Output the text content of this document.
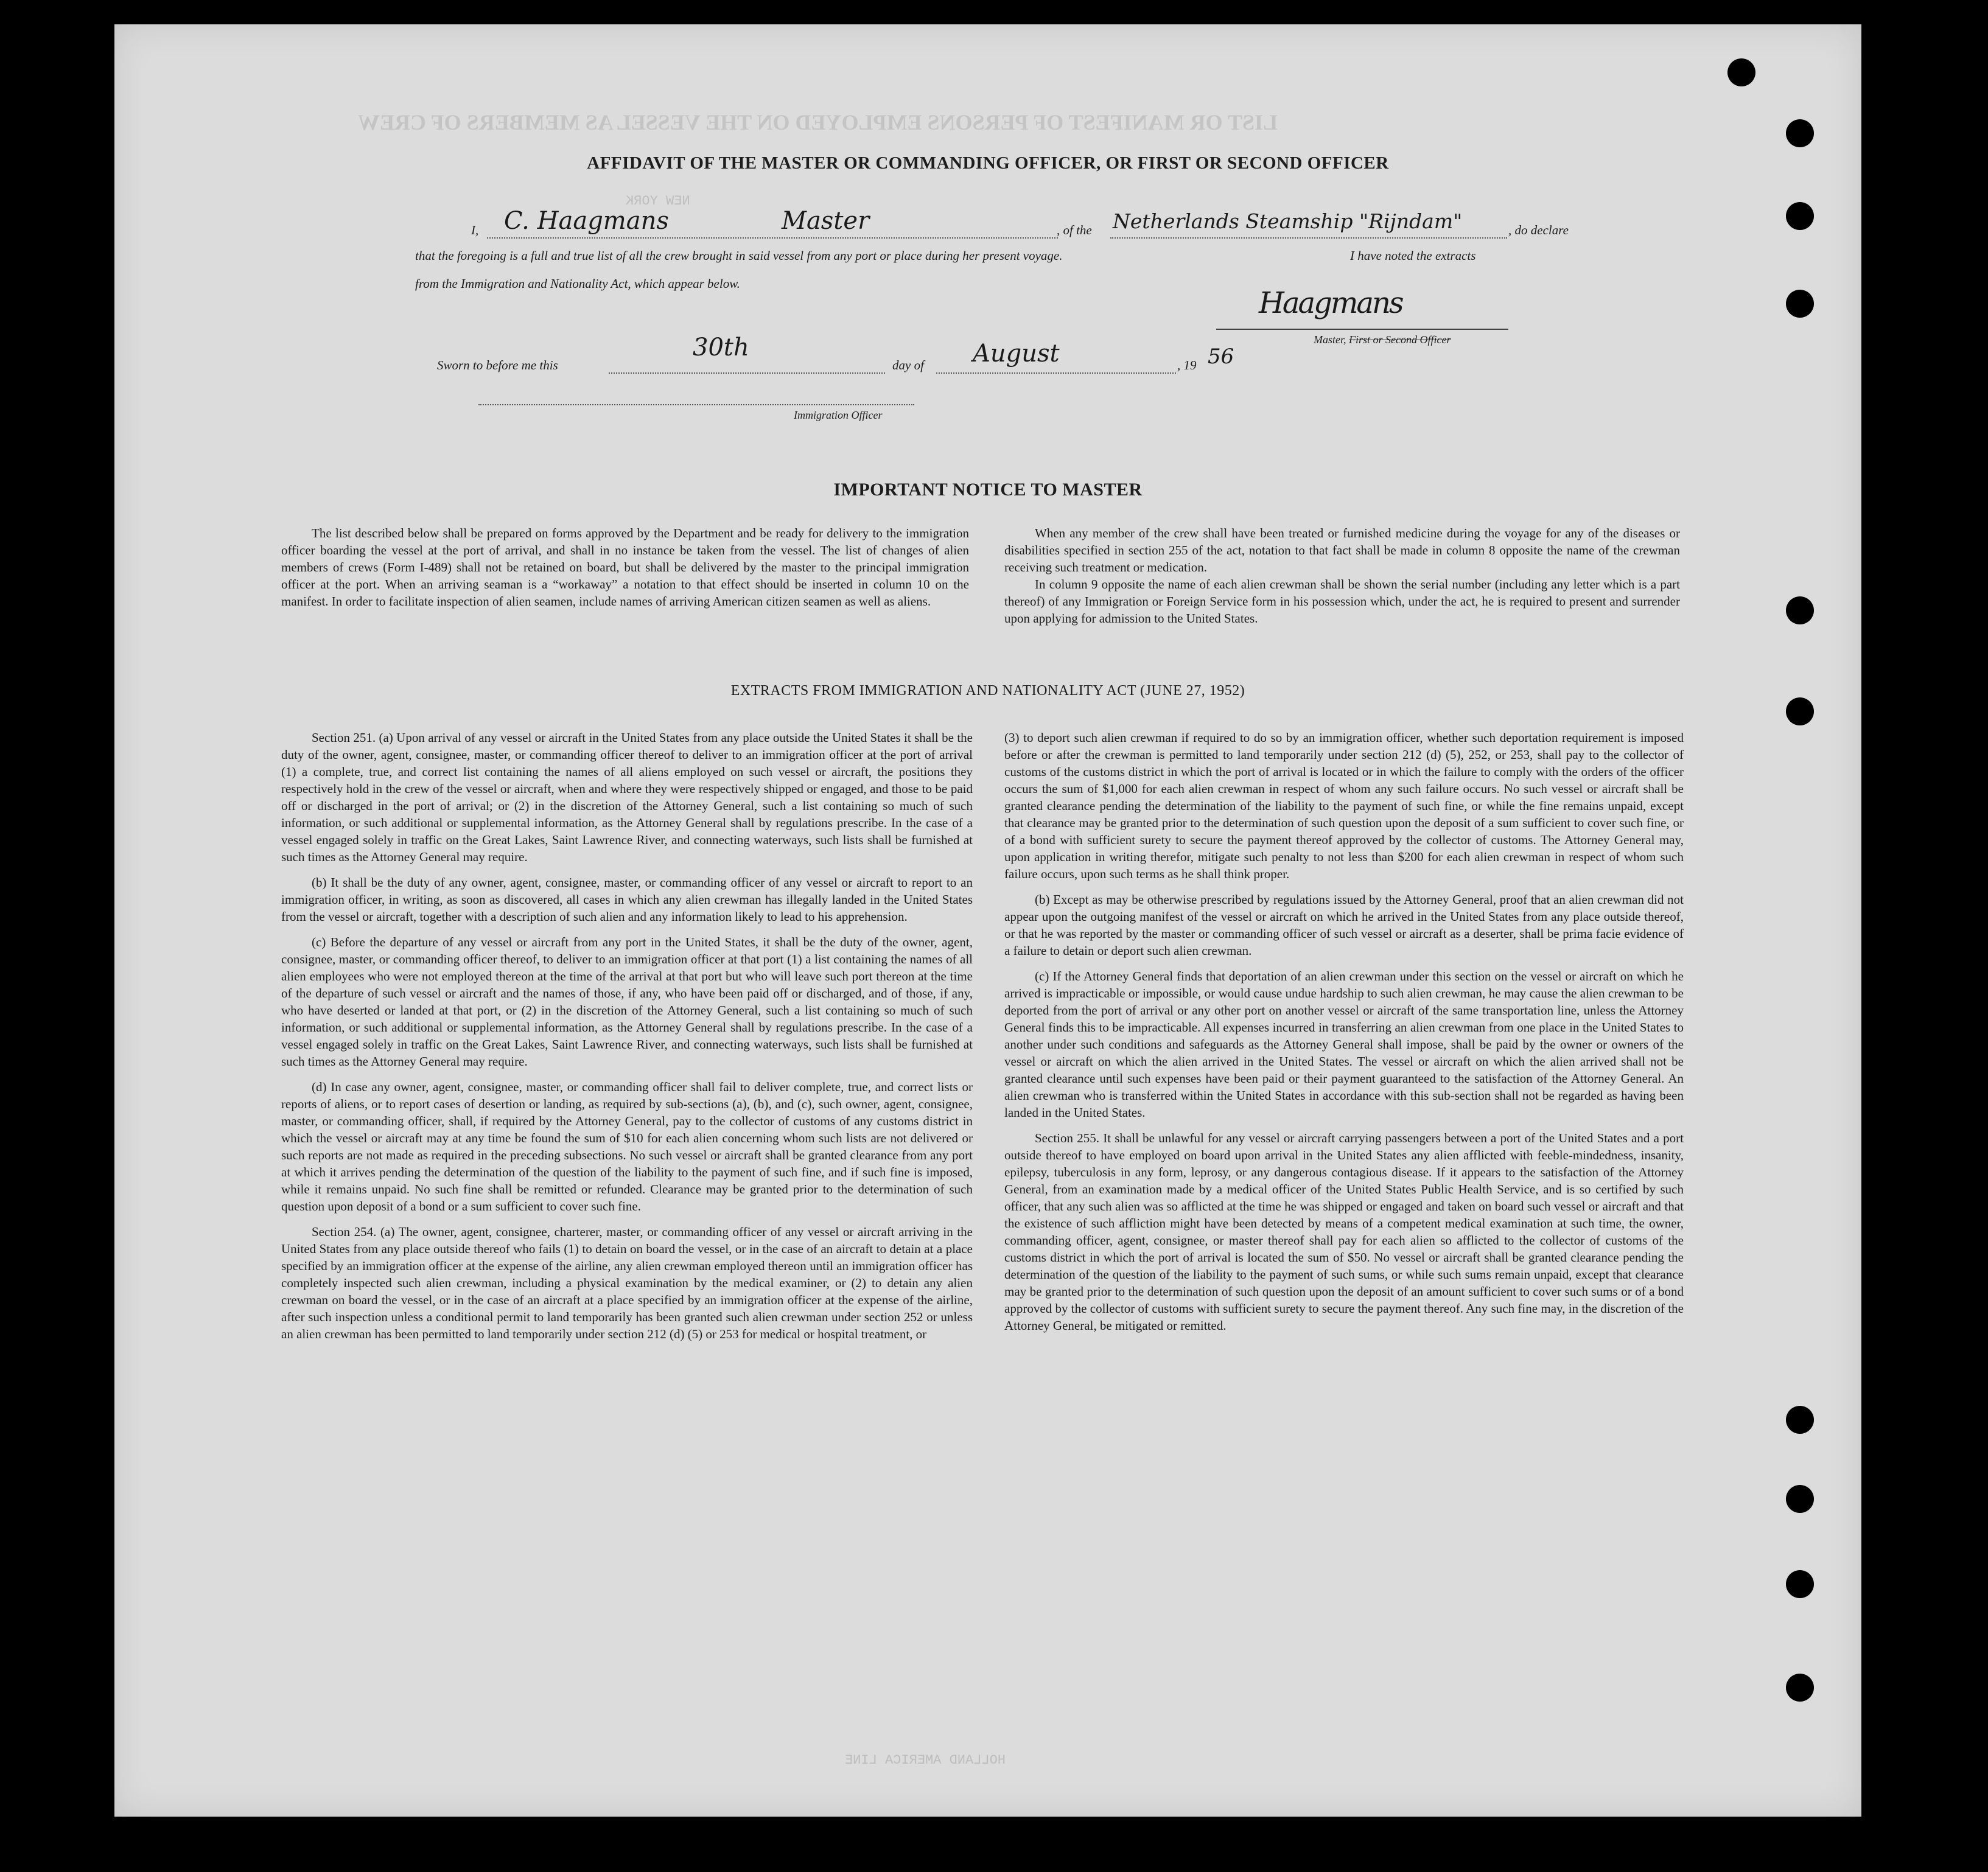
LIST OR MANIFEST OF PERSONS EMPLOYED ON THE VESSEL AS MEMBERS OF CREW
NEW YORK
HOLLAND AMERICA LINE
AFFIDAVIT OF THE MASTER OR COMMANDING OFFICER, OR FIRST OR SECOND OFFICER
I, C. Haagmans	Master	, of the Netherlands Steamship "Rijndam"	, do declare
that the foregoing is a full and true list of all the crew brought in said vessel from any port or place during her present voyage.	I have noted the extracts
from the Immigration and Nationality Act, which appear below.
Haagmans
Master, First or Second Officer
Sworn to before me this
30th
day of August	, 19 56
Immigration Officer
IMPORTANT NOTICE TO MASTER

The list described below shall be prepared on forms approved by the Department and be ready for delivery to the immigration officer boarding the vessel at the port of arrival, and shall in no instance be taken from the vessel. The list of changes of alien members of crews (Form I-489) shall not be retained on board, but shall be delivered by the master to the principal immigration officer at the port. When an arriving seaman is a “workaway” a notation to that effect should be inserted in column 10 on the manifest. In order to facilitate inspection of alien seamen, include names of arriving American citizen seamen as well as aliens.

When any member of the crew shall have been treated or furnished medicine during the voyage for any of the diseases or disabilities specified in section 255 of the act, notation to that fact shall be made in column 8 opposite the name of the crewman receiving such treatment or medication.

In column 9 opposite the name of each alien crewman shall be shown the serial number (including any letter which is a part thereof) of any Immigration or Foreign Service form in his possession which, under the act, he is required to present and surrender upon applying for admission to the United States.

EXTRACTS FROM IMMIGRATION AND NATIONALITY ACT (JUNE 27, 1952)

Section 251. (a) Upon arrival of any vessel or aircraft in the United States from any place outside the United States it shall be the duty of the owner, agent, consignee, master, or commanding officer thereof to deliver to an immigration officer at the port of arrival (1) a complete, true, and correct list containing the names of all aliens employed on such vessel or aircraft, the positions they respectively hold in the crew of the vessel or aircraft, when and where they were respectively shipped or engaged, and those to be paid off or discharged in the port of arrival; or (2) in the discretion of the Attorney General, such a list containing so much of such information, or such additional or supplemental information, as the Attorney General shall by regulations prescribe. In the case of a vessel engaged solely in traffic on the Great Lakes, Saint Lawrence River, and connecting waterways, such lists shall be furnished at such times as the Attorney General may require.

(b) It shall be the duty of any owner, agent, consignee, master, or commanding officer of any vessel or aircraft to report to an immigration officer, in writing, as soon as discovered, all cases in which any alien crewman has illegally landed in the United States from the vessel or aircraft, together with a description of such alien and any information likely to lead to his apprehension.

(c) Before the departure of any vessel or aircraft from any port in the United States, it shall be the duty of the owner, agent, consignee, master, or commanding officer thereof, to deliver to an immigration officer at that port (1) a list containing the names of all alien employees who were not employed thereon at the time of the arrival at that port but who will leave such port thereon at the time of the departure of such vessel or aircraft and the names of those, if any, who have been paid off or discharged, and of those, if any, who have deserted or landed at that port, or (2) in the discretion of the Attorney General, such a list containing so much of such information, or such additional or supplemental information, as the Attorney General shall by regulations prescribe. In the case of a vessel engaged solely in traffic on the Great Lakes, Saint Lawrence River, and connecting waterways, such lists shall be furnished at such times as the Attorney General may require.

(d) In case any owner, agent, consignee, master, or commanding officer shall fail to deliver complete, true, and correct lists or reports of aliens, or to report cases of desertion or landing, as required by sub-sections (a), (b), and (c), such owner, agent, consignee, master, or commanding officer, shall, if required by the Attorney General, pay to the collector of customs of any customs district in which the vessel or aircraft may at any time be found the sum of $10 for each alien concerning whom such lists are not delivered or such reports are not made as required in the preceding subsections. No such vessel or aircraft shall be granted clearance from any port at which it arrives pending the determination of the question of the liability to the payment of such fine, and if such fine is imposed, while it remains unpaid. No such fine shall be remitted or refunded. Clearance may be granted prior to the determination of such question upon deposit of a bond or a sum sufficient to cover such fine.

Section 254. (a) The owner, agent, consignee, charterer, master, or commanding officer of any vessel or aircraft arriving in the United States from any place outside thereof who fails (1) to detain on board the vessel, or in the case of an aircraft to detain at a place specified by an immigration officer at the expense of the airline, any alien crewman employed thereon until an immigration officer has completely inspected such alien crewman, including a physical examination by the medical examiner, or (2) to detain any alien crewman on board the vessel, or in the case of an aircraft at a place specified by an immigration officer at the expense of the airline, after such inspection unless a conditional permit to land temporarily has been granted such alien crewman under section 252 or unless an alien crewman has been permitted to land temporarily under section 212 (d) (5) or 253 for medical or hospital treatment, or

(3) to deport such alien crewman if required to do so by an immigration officer, whether such deportation requirement is imposed before or after the crewman is permitted to land temporarily under section 212 (d) (5), 252, or 253, shall pay to the collector of customs of the customs district in which the port of arrival is located or in which the failure to comply with the orders of the officer occurs the sum of $1,000 for each alien crewman in respect of whom any such failure occurs. No such vessel or aircraft shall be granted clearance pending the determination of the liability to the payment of such fine, or while the fine remains unpaid, except that clearance may be granted prior to the determination of such question upon the deposit of a sum sufficient to cover such fine, or of a bond with sufficient surety to secure the payment thereof approved by the collector of customs. The Attorney General may, upon application in writing therefor, mitigate such penalty to not less than $200 for each alien crewman in respect of whom such failure occurs, upon such terms as he shall think proper.

(b) Except as may be otherwise prescribed by regulations issued by the Attorney General, proof that an alien crewman did not appear upon the outgoing manifest of the vessel or aircraft on which he arrived in the United States from any place outside thereof, or that he was reported by the master or commanding officer of such vessel or aircraft as a deserter, shall be prima facie evidence of a failure to detain or deport such alien crewman.

(c) If the Attorney General finds that deportation of an alien crewman under this section on the vessel or aircraft on which he arrived is impracticable or impossible, or would cause undue hardship to such alien crewman, he may cause the alien crewman to be deported from the port of arrival or any other port on another vessel or aircraft of the same transportation line, unless the Attorney General finds this to be impracticable. All expenses incurred in transferring an alien crewman from one place in the United States to another under such conditions and safeguards as the Attorney General shall impose, shall be paid by the owner or owners of the vessel or aircraft on which the alien arrived in the United States. The vessel or aircraft on which the alien arrived shall not be granted clearance until such expenses have been paid or their payment guaranteed to the satisfaction of the Attorney General. An alien crewman who is transferred within the United States in accordance with this sub-section shall not be regarded as having been landed in the United States.

Section 255. It shall be unlawful for any vessel or aircraft carrying passengers between a port of the United States and a port outside thereof to have employed on board upon arrival in the United States any alien afflicted with feeble-mindedness, insanity, epilepsy, tuberculosis in any form, leprosy, or any dangerous contagious disease. If it appears to the satisfaction of the Attorney General, from an examination made by a medical officer of the United States Public Health Service, and is so certified by such officer, that any such alien was so afflicted at the time he was shipped or engaged and taken on board such vessel or aircraft and that the existence of such affliction might have been detected by means of a competent medical examination at such time, the owner, commanding officer, agent, consignee, or master thereof shall pay for each alien so afflicted to the collector of customs of the customs district in which the port of arrival is located the sum of $50. No vessel or aircraft shall be granted clearance pending the determination of the question of the liability to the payment of such sums, or while such sums remain unpaid, except that clearance may be granted prior to the determination of such question upon the deposit of an amount sufficient to cover such sums or of a bond approved by the collector of customs with sufficient surety to secure the payment thereof. Any such fine may, in the discretion of the Attorney General, be mitigated or remitted.
